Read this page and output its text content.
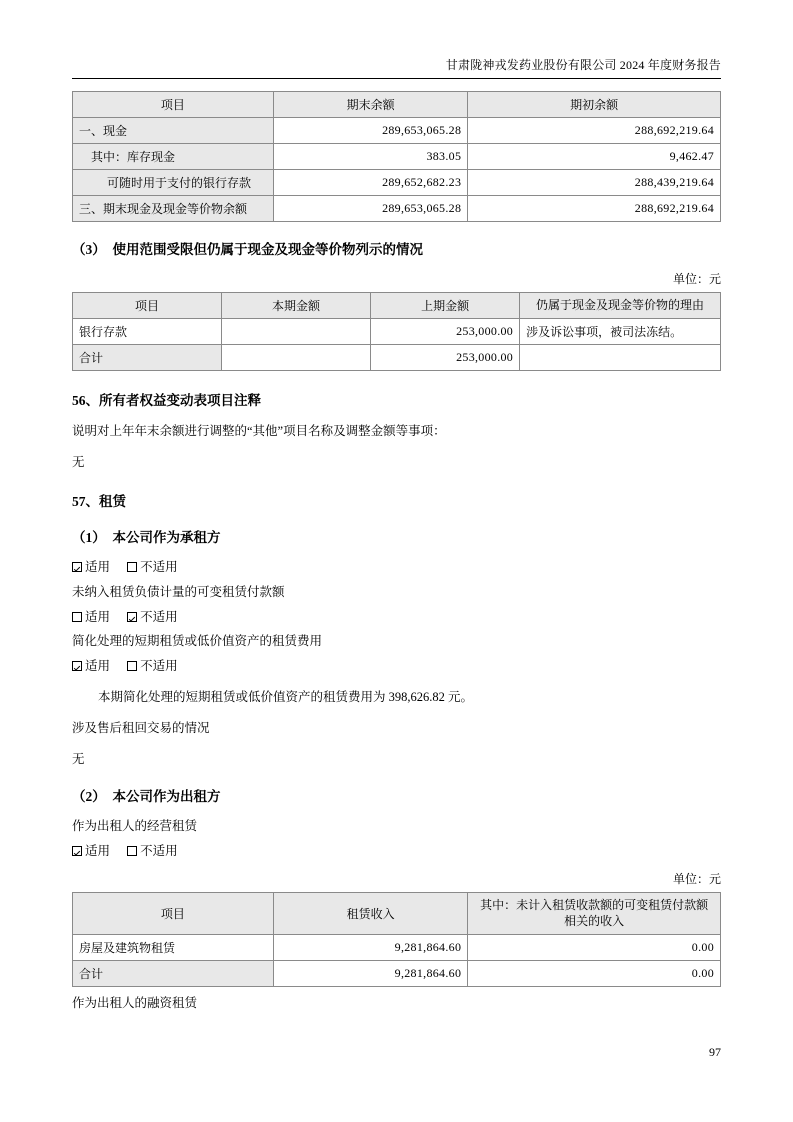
甘肃陇神戎发药业股份有限公司 2024 年度财务报告
项目	期末余额	期初余额
一、现金	289,653,065.28	288,692,219.64
其中：库存现金	383.05	9,462.47
可随时用于支付的银行存款	289,652,682.23	288,439,219.64
三、期末现金及现金等价物余额	289,653,065.28	288,692,219.64
（3）　使用范围受限但仍属于现金及现金等价物列示的情况
单位：元
项目	本期金额	上期金额	仍属于现金及现金等价物的理由
银行存款		253,000.00	涉及诉讼事项，被司法冻结。
合计		253,000.00	
56、所有者权益变动表项目注释
说明对上年年末余额进行调整的“其他”项目名称及调整金额等事项：
无
57、租赁
（1）　本公司作为承租方
适用 不适用
未纳入租赁负债计量的可变租赁付款额
适用 不适用
简化处理的短期租赁或低价值资产的租赁费用
适用 不适用
本期简化处理的短期租赁或低价值资产的租赁费用为 398,626.82 元。
涉及售后租回交易的情况
无
（2）　本公司作为出租方
作为出租人的经营租赁
适用 不适用
单位：元
项目	租赁收入	其中：未计入租赁收款额的可变租赁付款额相关的收入
房屋及建筑物租赁	9,281,864.60	0.00
合计	9,281,864.60	0.00
作为出租人的融资租赁
97
